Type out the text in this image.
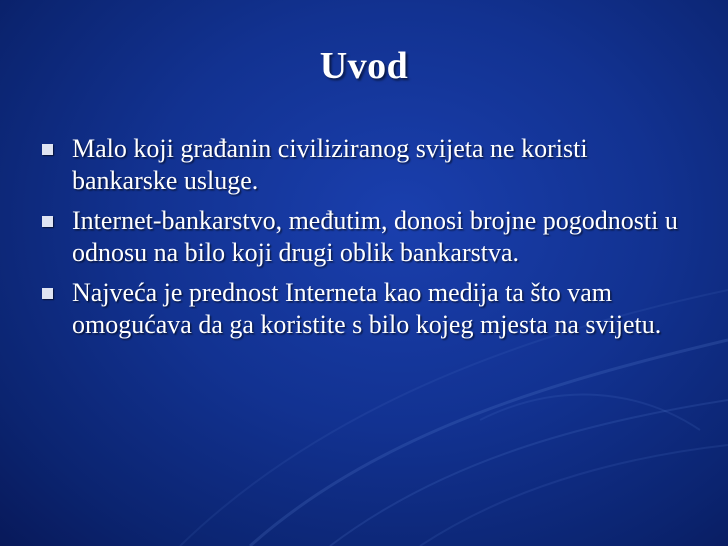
Uvod
Malo koji građanin civiliziranog svijeta ne koristi bankarske usluge.
Internet-bankarstvo, međutim, donosi brojne pogodnosti u odnosu na bilo koji drugi oblik bankarstva.
Najveća je prednost Interneta kao medija ta što vam omogućava da ga koristite s bilo kojeg mjesta na svijetu.
